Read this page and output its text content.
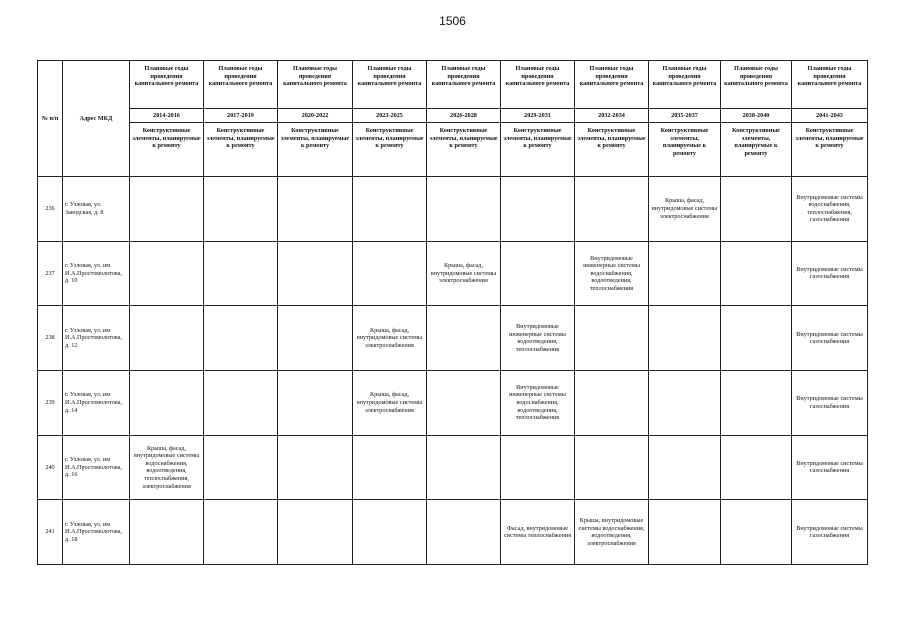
1506
№ п/п	Адрес МКД	Плановые годы проведения капитального ремонта	Плановые годы проведения капитального ремонта	Плановые годы проведения капитального ремонта	Плановые годы проведения капитального ремонта	Плановые годы проведения капитального ремонта	Плановые годы проведения капитального ремонта	Плановые годы проведения капитального ремонта	Плановые годы проведения капитального ремонта	Плановые годы проведения капитального ремонта	Плановые годы проведения капитального ремонта
		2014-2016	2017-2019	2020-2022	2023-2025	2026-2028	2029-2031	2032-2034	2035-2037	2038-2040	2041-2043
		Конструктивные элементы, планируемые к ремонту	Конструктивные элементы, планируемые к ремонту	Конструктивные элементы, планируемые к ремонту	Конструктивные элементы, планируемые к ремонту	Конструктивные элементы, планируемые к ремонту	Конструктивные элементы, планируемые к ремонту	Конструктивные элементы, планируемые к ремонту	Конструктивные элементы, планируемые к ремонту	Конструктивные элементы, планируемые к ремонту	Конструктивные элементы, планируемые к ремонту
236	г. Узловая, ул. Заводская, д. 8								Крыша, фасад, внутридомовые системы электроснабжения		Внутридомовые системы водоснабжения, теплоснабжения, газоснабжения
237	г. Узловая, ул. им И.А.Простомолотова, д. 10					Крыша, фасад, внутридомовые системы электроснабжения		Внутридомовые инженерные системы водоснабжения, водоотведения, теплоснабжения			Внутридомовые системы газоснабжения
238	г. Узловая, ул. им И.А.Простомолотова, д. 12				Крыша, фасад, внутридомовые системы электроснабжения		Внутридомовые инженерные системы водоотведения, теплоснабжения				Внутридомовые системы газоснабжения
239	г. Узловая, ул. им И.А.Простомолотова, д. 14				Крыша, фасад, внутридомовые системы электроснабжения		Внутридомовые инженерные системы водоснабжения, водоотведения, теплоснабжения				Внутридомовые системы газоснабжения
240	г. Узловая, ул. им И.А.Простомолотова, д. 16	Крыша, фасад, внутридомовые системы водоснабжения, водоотведения, теплоснабжения, электроснабжения									Внутридомовые системы газоснабжения
241	г. Узловая, ул. им И.А.Простомолотова, д. 18						Фасад, внутридомовые системы теплоснабжения	Крыша, внутридомовые системы водоснабжения, водоотведения, электроснабжения			Внутридомовые системы газоснабжения
